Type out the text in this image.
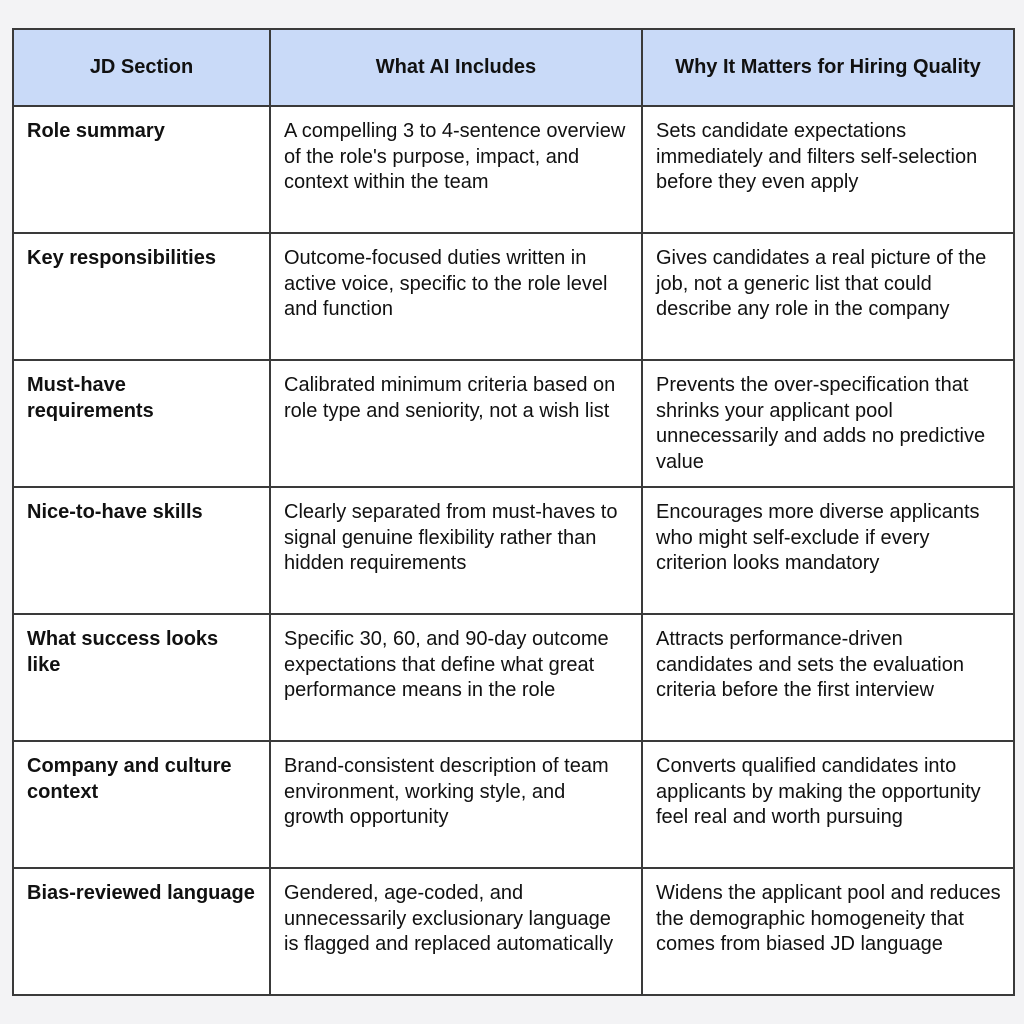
JD Section	What AI Includes	Why It Matters for Hiring Quality
Role summary	A compelling 3 to 4-sentence overview of the role's purpose, impact, and context within the team	Sets candidate expectations immediately and filters self-selection before they even apply
Key responsibilities	Outcome-focused duties written in active voice, specific to the role level and function	Gives candidates a real picture of the job, not a generic list that could describe any role in the company
Must-have requirements	Calibrated minimum criteria based on role type and seniority, not a wish list	Prevents the over-specification that shrinks your applicant pool unnecessarily and adds no predictive value
Nice-to-have skills	Clearly separated from must-haves to signal genuine flexibility rather than hidden requirements	Encourages more diverse applicants who might self-exclude if every criterion looks mandatory
What success looks like	Specific 30, 60, and 90-day outcome expectations that define what great performance means in the role	Attracts performance-driven candidates and sets the evaluation criteria before the first interview
Company and culture context	Brand-consistent description of team environment, working style, and growth opportunity	Converts qualified candidates into applicants by making the opportunity feel real and worth pursuing
Bias-reviewed language	Gendered, age-coded, and unnecessarily exclusionary language is flagged and replaced automatically	Widens the applicant pool and reduces the demographic homogeneity that comes from biased JD language
